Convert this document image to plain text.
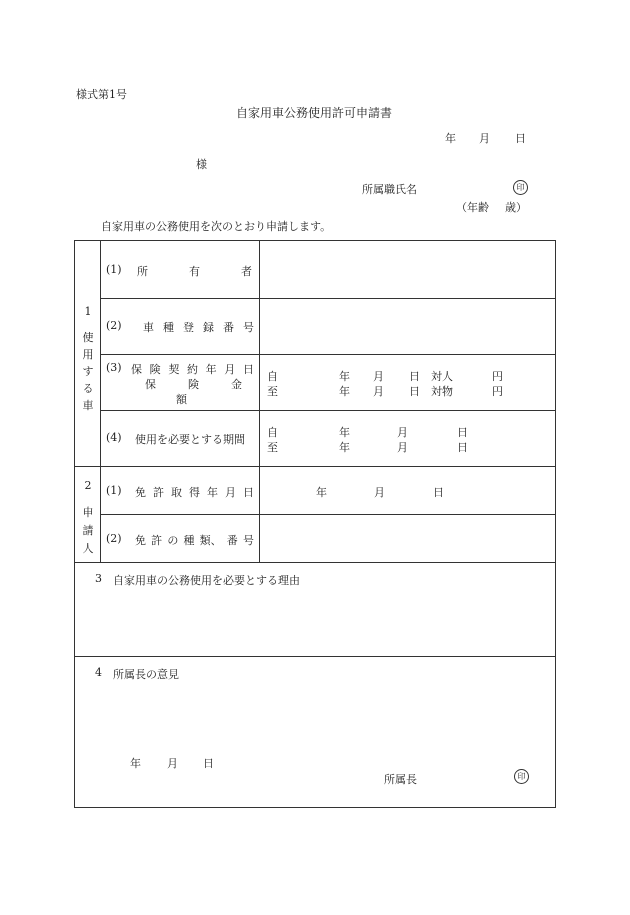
様式第1号
自家用車公務使用許可申請書
年 月 日
様
所属職氏名	印
（年齢 歳）
自家用車の公務使用を次のとおり申請します。
1
使
用
す
る
車
(1) 所	有	者
(2) 車 種 登 録 番 号
(3) 保 険 契 約 年 月 日
保	険	金
額
自	年 月 日 対人	円
至	年 月 日 対物	円
(4) 使用を必要とする期間
自	年	月	日
至	年	月	日
2
申
請
人
(1) 免 許 取 得 年 月 日	年	月	日
(2) 免 許 の 種 類、 番 号
3 自家用車の公務使用を必要とする理由
4 所属長の意見
年 月 日
所属長	印
